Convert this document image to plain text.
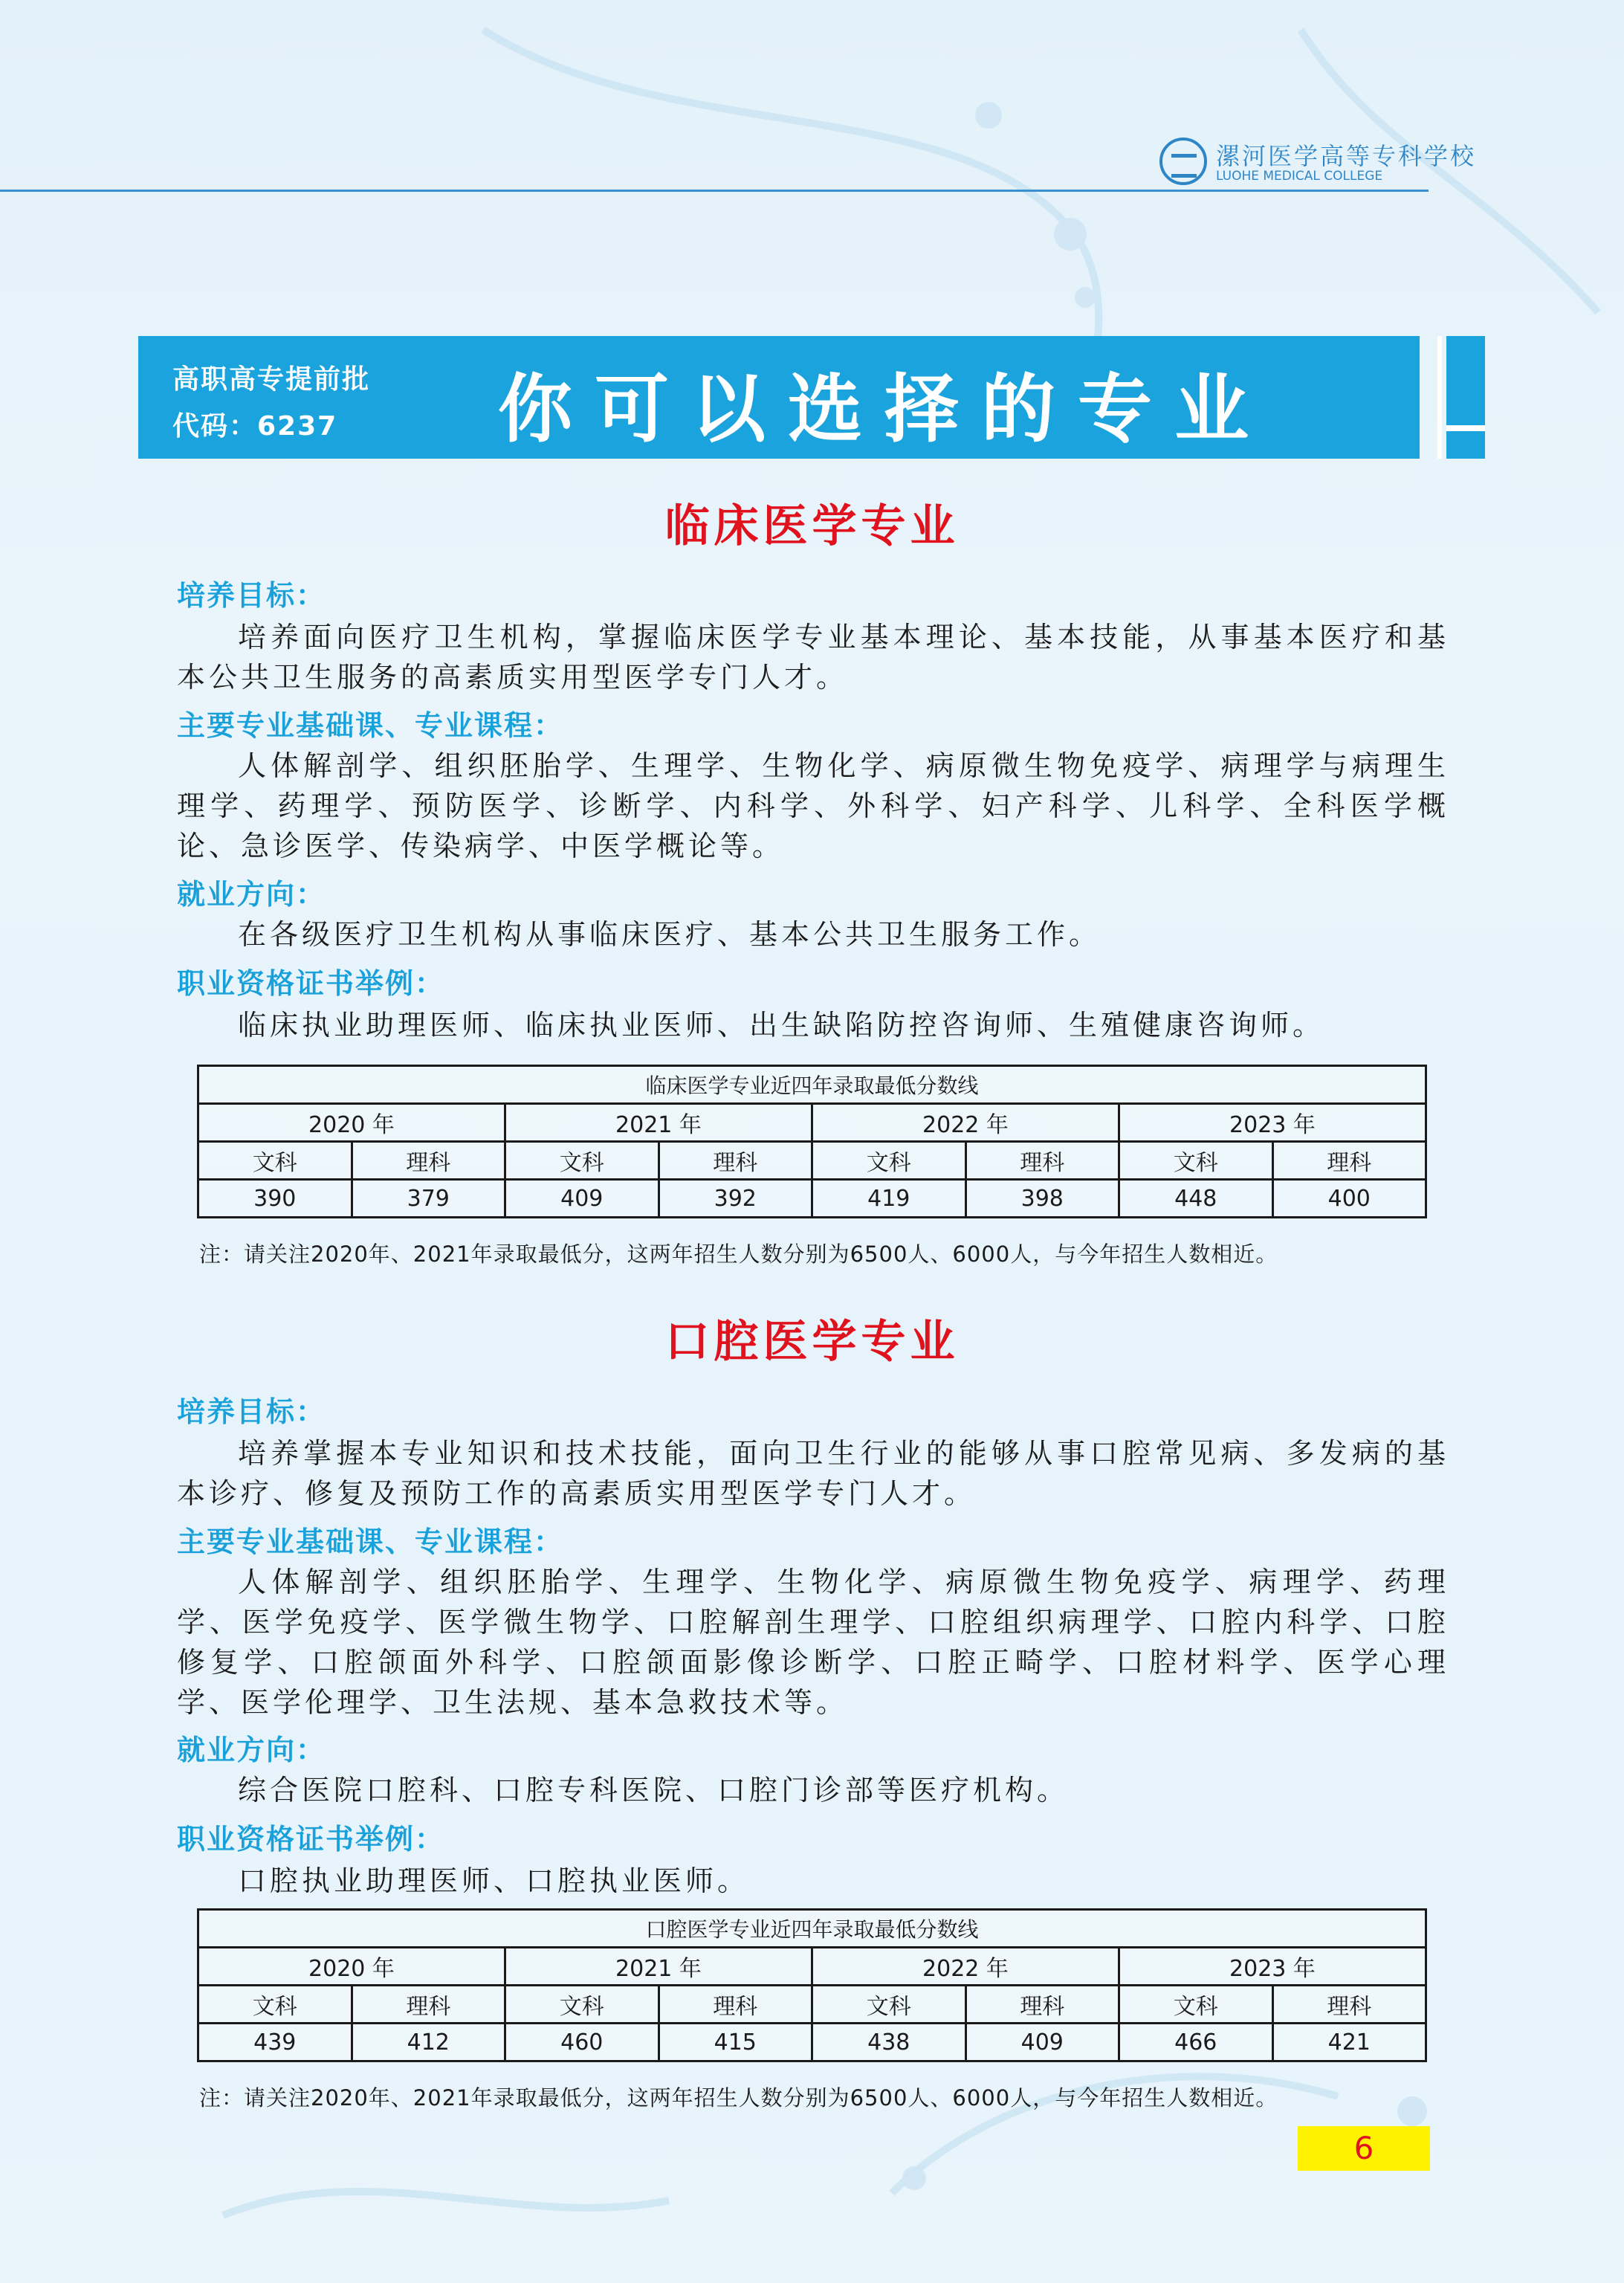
漯河医学高等专科学校
LUOHE MEDICAL COLLEGE
高职高专提前批
代码：6237 你可以选择的专业
临床医学专业
培养目标：
培养面向医疗卫生机构，掌握临床医学专业基本理论、基本技能，从事基本医疗和基本公共卫生服务的高素质实用型医学专门人才。
主要专业基础课、专业课程：
人体解剖学、组织胚胎学、生理学、生物化学、病原微生物免疫学、病理学与病理生理学、药理学、预防医学、诊断学、内科学、外科学、妇产科学、儿科学、全科医学概论、急诊医学、传染病学、中医学概论等。
就业方向：
在各级医疗卫生机构从事临床医疗、基本公共卫生服务工作。
职业资格证书举例：
临床执业助理医师、临床执业医师、出生缺陷防控咨询师、生殖健康咨询师。
临床医学专业近四年录取最低分数线							
2020 年		2021 年		2022 年		2023 年	
文科	理科	文科	理科	文科	理科	文科	理科
390	379	409	392	419	398	448	400
注：请关注2020年、2021年录取最低分，这两年招生人数分别为6500人、6000人，与今年招生人数相近。
口腔医学专业
培养目标：
培养掌握本专业知识和技术技能，面向卫生行业的能够从事口腔常见病、多发病的基本诊疗、修复及预防工作的高素质实用型医学专门人才。
主要专业基础课、专业课程：
人体解剖学、组织胚胎学、生理学、生物化学、病原微生物免疫学、病理学、药理学、医学免疫学、医学微生物学、口腔解剖生理学、口腔组织病理学、口腔内科学、口腔修复学、口腔颌面外科学、口腔颌面影像诊断学、口腔正畸学、口腔材料学、医学心理学、医学伦理学、卫生法规、基本急救技术等。
就业方向：
综合医院口腔科、口腔专科医院、口腔门诊部等医疗机构。
职业资格证书举例：
口腔执业助理医师、口腔执业医师。
口腔医学专业近四年录取最低分数线							
2020 年		2021 年		2022 年		2023 年	
文科	理科	文科	理科	文科	理科	文科	理科
439	412	460	415	438	409	466	421
注：请关注2020年、2021年录取最低分，这两年招生人数分别为6500人、6000人，与今年招生人数相近。
6
